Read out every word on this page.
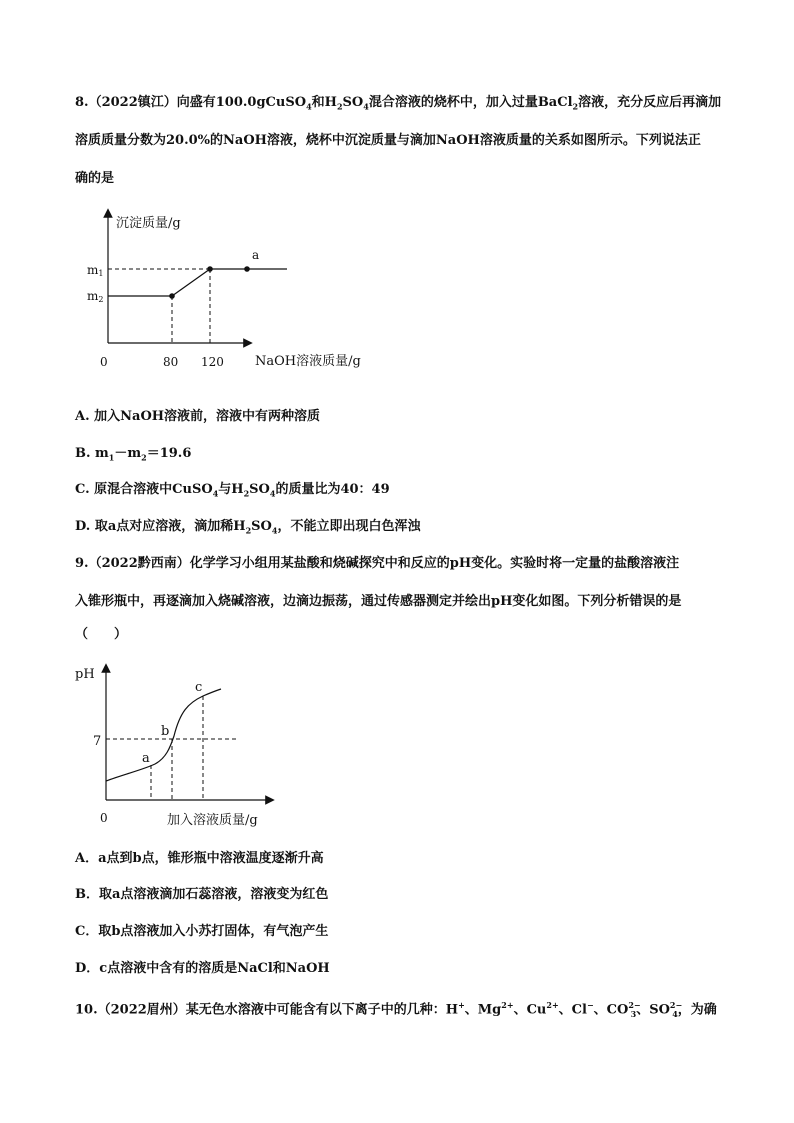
8.（2022镇江）向盛有100.0gCuSO$_4$和$H_2SO_4$混合溶液的烧杯中，加入过量BaCl$_2$溶液，充分反应后再滴加
溶质质量分数为20.0%的NaOH溶液，烧杯中沉淀质量与滴加NaOH溶液质量的关系如图所示。下列说法正
确的是
沉淀质量/g
NaOH溶液质量/g
0	80 120
m1
m2
a
A. 加入NaOH溶液前，溶液中有两种溶质
B. $m_1-m_2=19.6$
C. 原混合溶液中CuSO$_4$与$H_2SO_4$的质量比为40：49
D. 取a点对应溶液，滴加稀$H_2SO_4$，不能立即出现白色浑浊
9.（2022黔西南）化学学习小组用某盐酸和烧碱探究中和反应的pH变化。实验时将一定量的盐酸溶液注
入锥形瓶中，再逐滴加入烧碱溶液，边滴边振荡，通过传感器测定并绘出pH变化如图。下列分析错误的是
（　　）
pH
加入溶液质量/g
0
7
a
b
c
A．a点到b点，锥形瓶中溶液温度逐渐升高
B．取a点溶液滴加石蕊溶液，溶液变为红色
C．取b点溶液加入小苏打固体，有气泡产生
D．c点溶液中含有的溶质是NaCl和NaOH
10.（2022眉州）某无色水溶液中可能含有以下离子中的几种：H+、$Mg^{2+}$、$Cu^{2+}$、Cl−、$CO^{2-}_3$、$SO^{2-}_4$，为确
